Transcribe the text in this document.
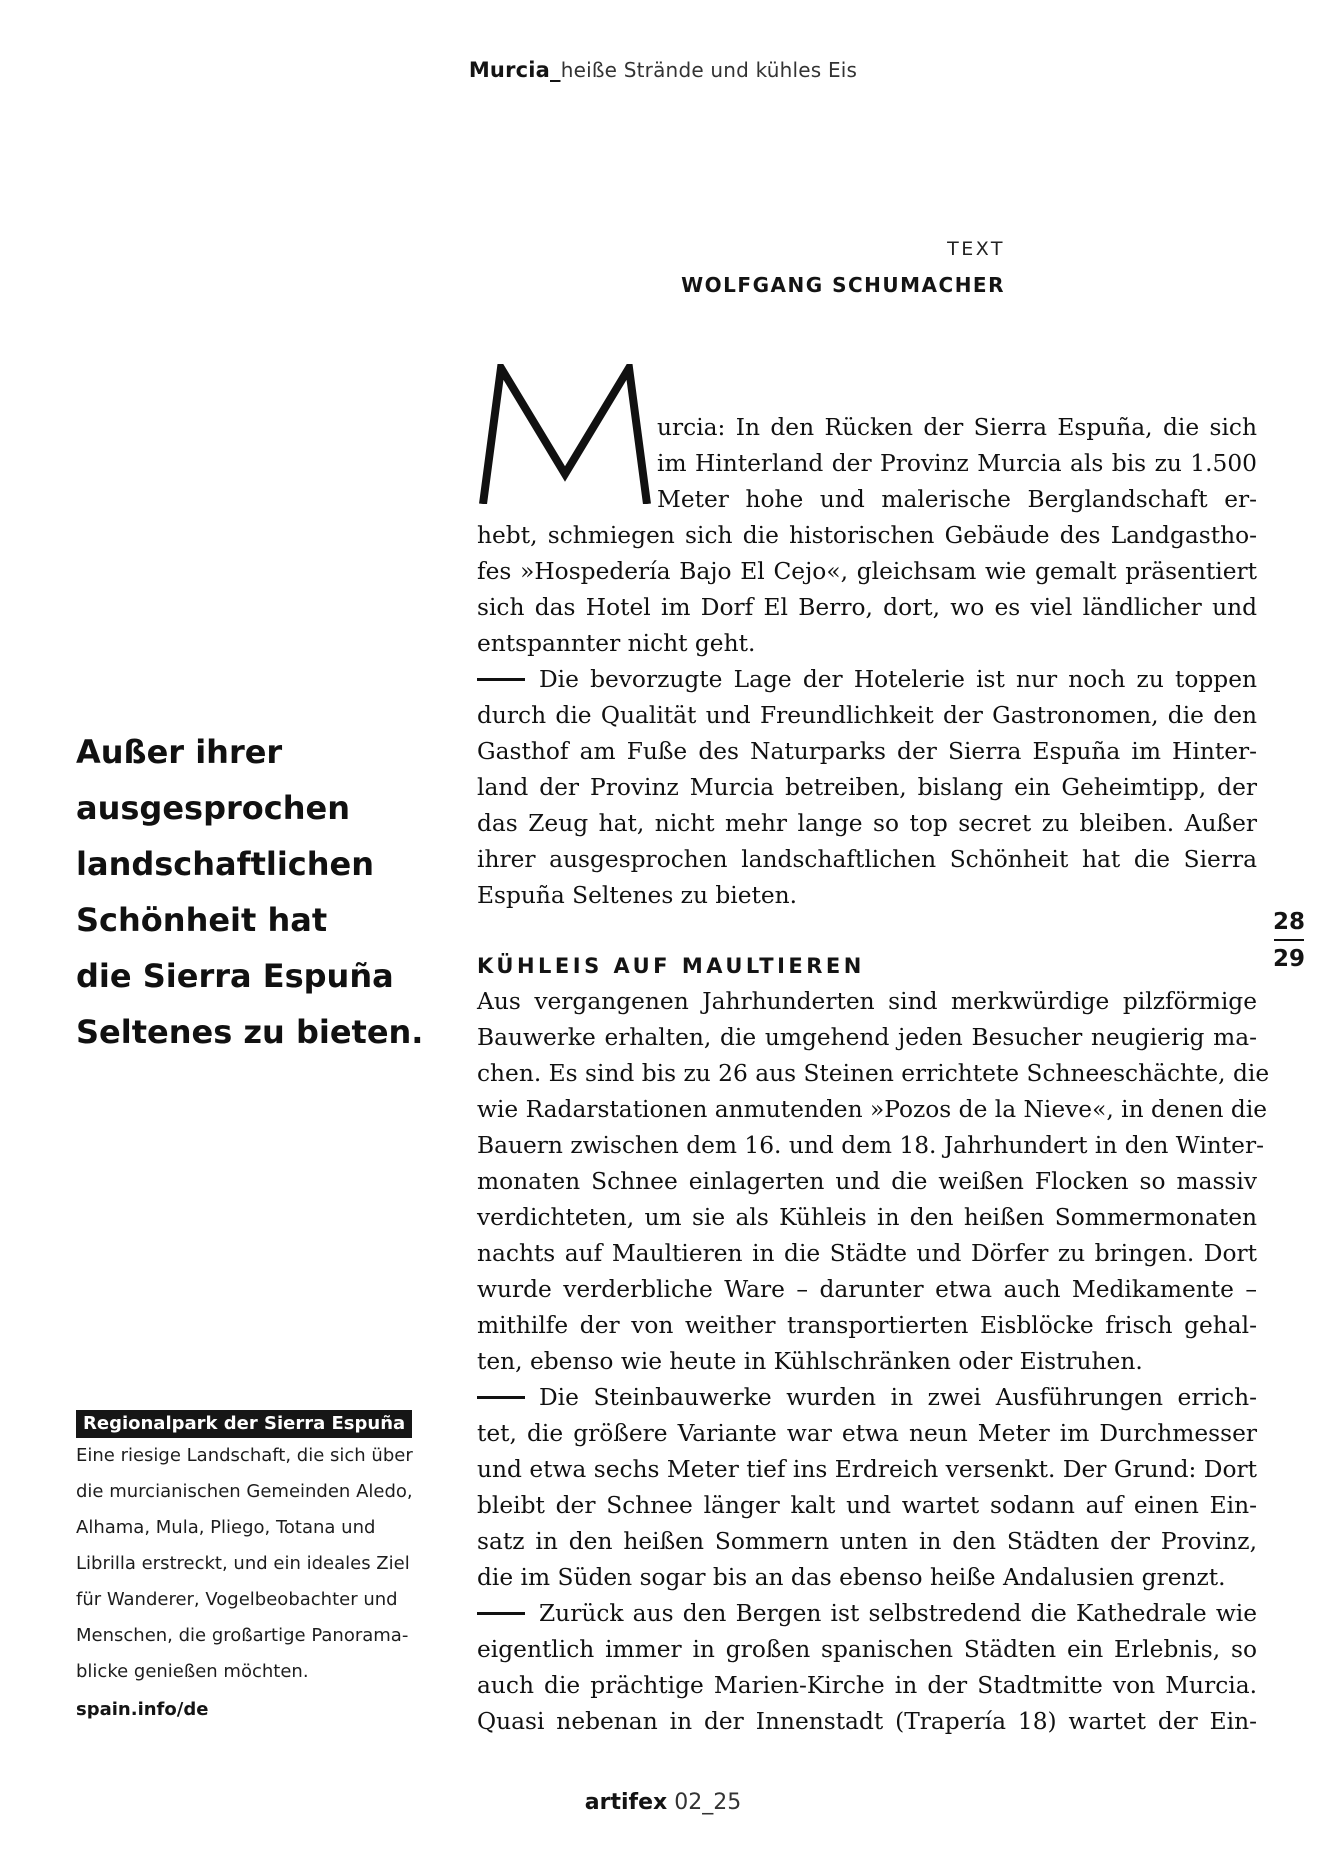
Murcia_heiße Strände und kühles Eis
TEXT
WOLFGANG SCHUMACHER
M
urcia: In den Rücken der Sierra Espuña, die sich
im Hinterland der Provinz Murcia als bis zu 1.500
Meter hohe und malerische Berglandschaft er-
hebt, schmiegen sich die historischen Gebäude des Landgastho-
fes »Hospedería Bajo El Cejo«, gleichsam wie gemalt präsentiert
sich das Hotel im Dorf El Berro, dort, wo es viel ländlicher und
entspannter nicht geht.
Die bevorzugte Lage der Hotelerie ist nur noch zu toppen
durch die Qualität und Freundlichkeit der Gastronomen, die den
Gasthof am Fuße des Naturparks der Sierra Espuña im Hinter-
land der Provinz Murcia betreiben, bislang ein Geheimtipp, der
das Zeug hat, nicht mehr lange so top secret zu bleiben. Außer
ihrer ausgesprochen landschaftlichen Schönheit hat die Sierra
Espuña Seltenes zu bieten.
Aus vergangenen Jahrhunderten sind merkwürdige pilzförmige
Bauwerke erhalten, die umgehend jeden Besucher neugierig ma-
chen. Es sind bis zu 26 aus Steinen errichtete Schneeschächte, die
wie Radarstationen anmutenden »Pozos de la Nieve«, in denen die
Bauern zwischen dem 16. und dem 18. Jahrhundert in den Winter-
monaten Schnee einlagerten und die weißen Flocken so massiv
verdichteten, um sie als Kühleis in den heißen Sommermonaten
nachts auf Maultieren in die Städte und Dörfer zu bringen. Dort
wurde verderbliche Ware – darunter etwa auch Medikamente –
mithilfe der von weither transportierten Eisblöcke frisch gehal-
ten, ebenso wie heute in Kühlschränken oder Eistruhen.
Die Steinbauwerke wurden in zwei Ausführungen errich-
tet, die größere Variante war etwa neun Meter im Durchmesser
und etwa sechs Meter tief ins Erdreich versenkt. Der Grund: Dort
bleibt der Schnee länger kalt und wartet sodann auf einen Ein-
satz in den heißen Sommern unten in den Städten der Provinz,
die im Süden sogar bis an das ebenso heiße Andalusien grenzt.
Zurück aus den Bergen ist selbstredend die Kathedrale wie
eigentlich immer in großen spanischen Städten ein Erlebnis, so
auch die prächtige Marien-Kirche in der Stadtmitte von Murcia.
Quasi nebenan in der Innenstadt (Trapería 18) wartet der Ein-
KÜHLEIS AUF MAULTIEREN
Außer ihrer
ausgesprochen
landschaftlichen
Schönheit hat
die Sierra Espuña
Seltenes zu bieten.
Regionalpark der Sierra Espuña
Eine riesige Landschaft, die sich über
die murcianischen Gemeinden Aledo,
Alhama, Mula, Pliego, Totana und
Librilla erstreckt, und ein ideales Ziel
für Wanderer, Vogelbeobachter und
Menschen, die großartige Panorama-
blicke genießen möchten.
spain.info/de
28
29
artifex 02_25
